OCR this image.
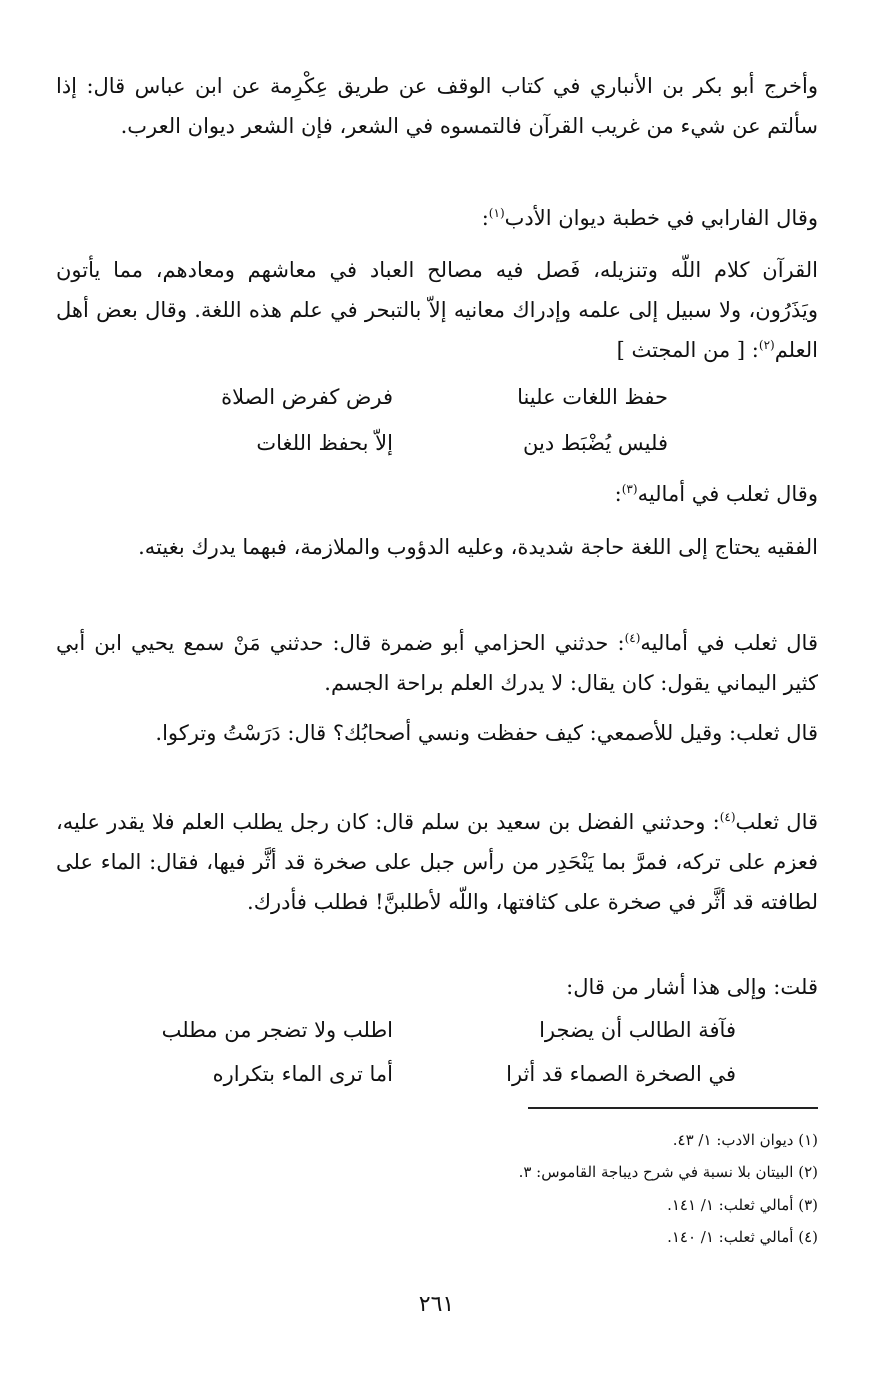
وأخرج أبو بكر بن الأنباري في كتاب الوقف عن طريق عِكْرِمة عن ابن عباس قال: إذا سألتم عن شيء من غريب القرآن فالتمسوه في الشعر، فإن الشعر ديوان العرب.

وقال الفارابي في خطبة ديوان الأدب$^{(١)}$:

القرآن كلام اللّه وتنزيله، فَصل فيه مصالح العباد في معاشهم ومعادهم، مما يأتون ويَذَرُون، ولا سبيل إلى علمه وإدراك معانيه إلاّ بالتبحر في علم هذه اللغة. وقال بعض أهل العلم$^{(٢)}$: [ من المجتث ]

حفظ اللغات علينا
فرض كفرض الصلاة
فليس يُضْبَط دين
إلاّ بحفظ اللغات

وقال ثعلب في أماليه$^{(٣)}$:

الفقيه يحتاج إلى اللغة حاجة شديدة، وعليه الدؤوب والملازمة، فبهما يدرك بغيته.

قال ثعلب في أماليه$^{(٤)}$: حدثني الحزامي أبو ضمرة قال: حدثني مَنْ سمع يحيي ابن أبي كثير اليماني يقول: كان يقال: لا يدرك العلم براحة الجسم.

قال ثعلب: وقيل للأصمعي: كيف حفظت ونسي أصحابُك؟ قال: دَرَسْتُ وتركوا.

قال ثعلب$^{(٤)}$: وحدثني الفضل بن سعيد بن سلم قال: كان رجل يطلب العلم فلا يقدر عليه، فعزم على تركه، فمرَّ بما يَنْحَدِر من رأس جبل على صخرة قد أثَّر فيها، فقال: الماء على لطافته قد أثَّر في صخرة على كثافتها، واللّه لأطلبنَّ! فطلب فأدرك.

قلت: وإلى هذا أشار من قال:

اطلب ولا تضجر من مطلب	فآفة الطالب أن يضجرا
أما ترى الماء بتكراره	في الصخرة الصماء قد أثرا
(١) ديوان الادب: ١/ ٤٣.
(٢) البيتان بلا نسبة في شرح ديباجة القاموس: ٣.
(٣) أمالي ثعلب: ١/ ١٤١.
(٤) أمالي ثعلب: ١/ ١٤٠.
٢٦١
